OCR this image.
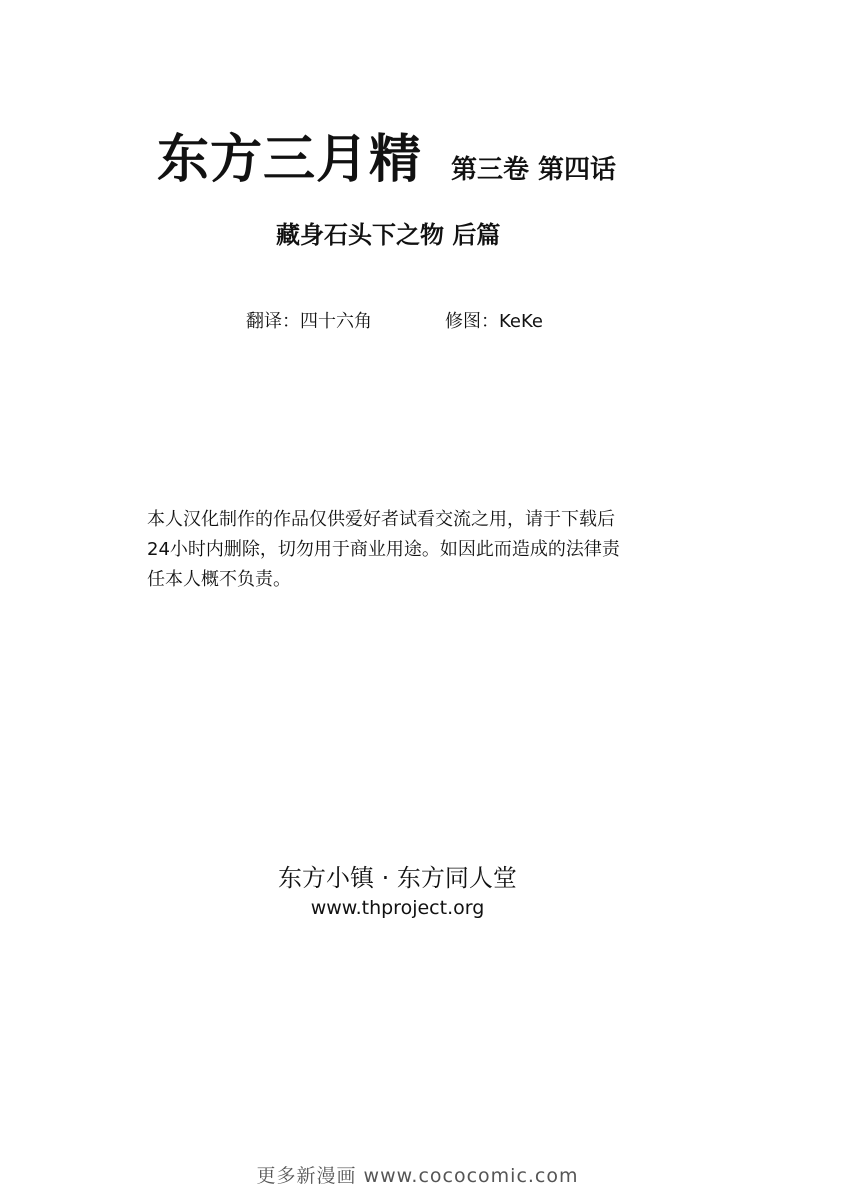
东方三月精 第三卷 第四话
藏身石头下之物 后篇
翻译：四十六角	修图：KeKe
本人汉化制作的作品仅供爱好者试看交流之用，请于下载后
24小时内删除，切勿用于商业用途。如因此而造成的法律责
任本人概不负责。
东方小镇 · 东方同人堂
www.thproject.org
更多新漫画 www.cococomic.com
